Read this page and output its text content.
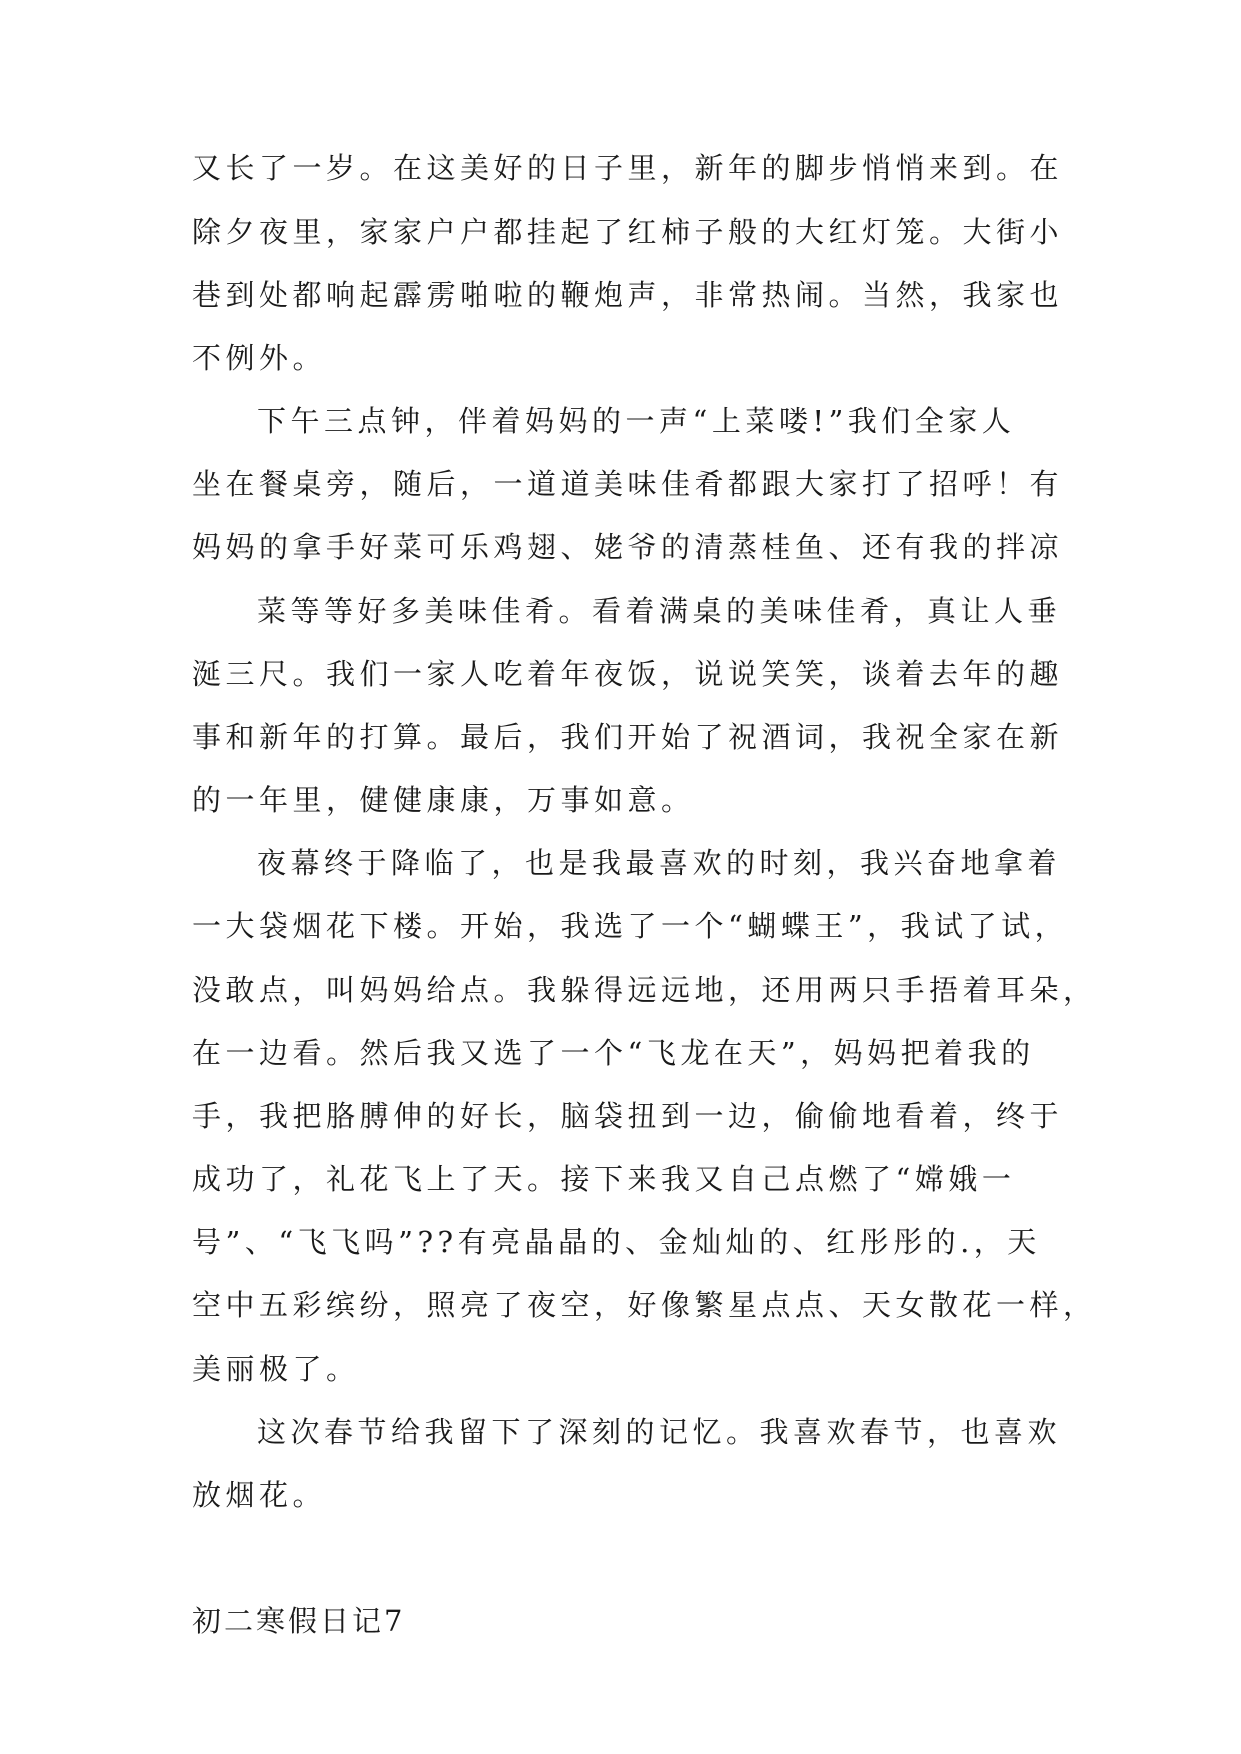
又长了一岁。在这美好的日子里，新年的脚步悄悄来到。在
除夕夜里，家家户户都挂起了红柿子般的大红灯笼。大街小
巷到处都响起霹雳啪啦的鞭炮声，非常热闹。当然，我家也
不例外。
下午三点钟，伴着妈妈的一声“上菜喽!”我们全家人
坐在餐桌旁，随后，一道道美味佳肴都跟大家打了招呼！有
妈妈的拿手好菜可乐鸡翅、姥爷的清蒸桂鱼、还有我的拌凉
菜等等好多美味佳肴。看着满桌的美味佳肴，真让人垂
涎三尺。我们一家人吃着年夜饭，说说笑笑，谈着去年的趣
事和新年的打算。最后，我们开始了祝酒词，我祝全家在新
的一年里，健健康康，万事如意。
夜幕终于降临了，也是我最喜欢的时刻，我兴奋地拿着
一大袋烟花下楼。开始，我选了一个“蝴蝶王”，我试了试，
没敢点，叫妈妈给点。我躲得远远地，还用两只手捂着耳朵，
在一边看。然后我又选了一个“飞龙在天”，妈妈把着我的
手，我把胳膊伸的好长，脑袋扭到一边，偷偷地看着，终于
成功了，礼花飞上了天。接下来我又自己点燃了“嫦娥一
号”、“飞飞吗”??有亮晶晶的、金灿灿的、红彤彤的.，天
空中五彩缤纷，照亮了夜空，好像繁星点点、天女散花一样，
美丽极了。
这次春节给我留下了深刻的记忆。我喜欢春节，也喜欢
放烟花。
初二寒假日记7
